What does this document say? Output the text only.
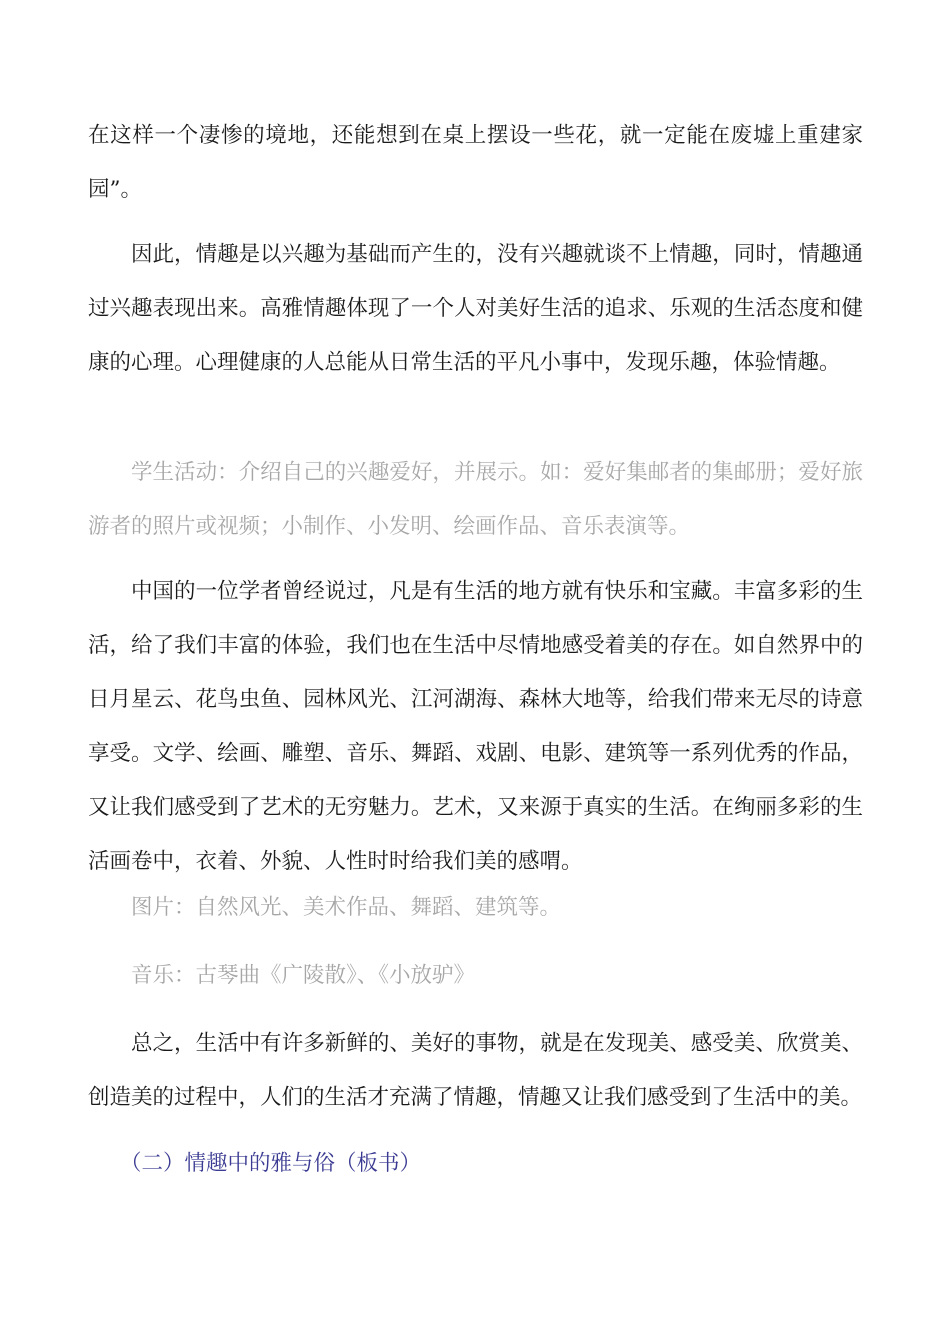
在这样一个凄惨的境地，还能想到在桌上摆设一些花，就一定能在废墟上重建家园”。

因此，情趣是以兴趣为基础而产生的，没有兴趣就谈不上情趣，同时，情趣通过兴趣表现出来。高雅情趣体现了一个人对美好生活的追求、乐观的生活态度和健康的心理。心理健康的人总能从日常生活的平凡小事中，发现乐趣，体验情趣。

学生活动：介绍自己的兴趣爱好，并展示。如：爱好集邮者的集邮册；爱好旅游者的照片或视频；小制作、小发明、绘画作品、音乐表演等。

中国的一位学者曾经说过，凡是有生活的地方就有快乐和宝藏。丰富多彩的生活，给了我们丰富的体验，我们也在生活中尽情地感受着美的存在。如自然界中的日月星云、花鸟虫鱼、园林风光、江河湖海、森林大地等，给我们带来无尽的诗意享受。文学、绘画、雕塑、音乐、舞蹈、戏剧、电影、建筑等一系列优秀的作品，又让我们感受到了艺术的无穷魅力。艺术，又来源于真实的生活。在绚丽多彩的生活画卷中，衣着、外貌、人性时时给我们美的感喟。

图片：自然风光、美术作品、舞蹈、建筑等。

音乐：古琴曲《广陵散》、《小放驴》

总之，生活中有许多新鲜的、美好的事物，就是在发现美、感受美、欣赏美、创造美的过程中，人们的生活才充满了情趣，情趣又让我们感受到了生活中的美。

（二）情趣中的雅与俗（板书）
